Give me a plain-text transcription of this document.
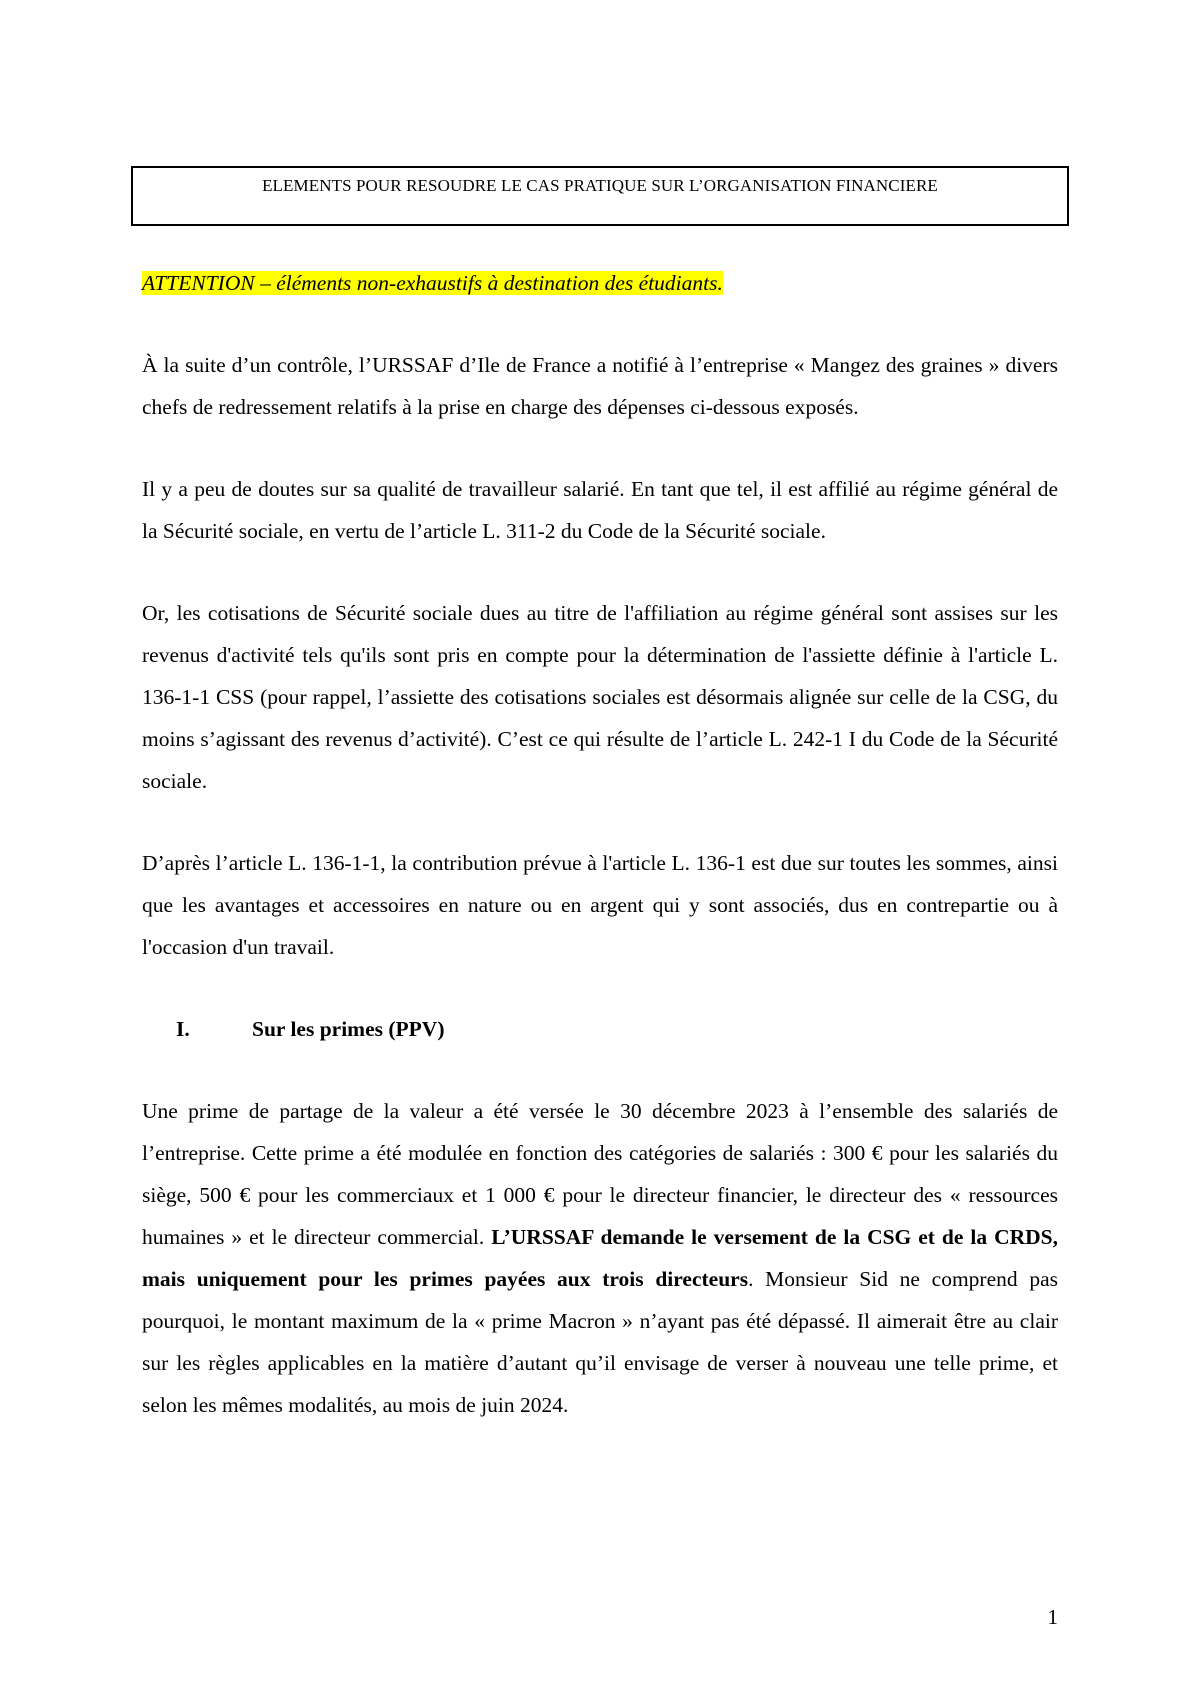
ELEMENTS POUR RESOUDRE LE CAS PRATIQUE SUR L’ORGANISATION FINANCIERE

ATTENTION – éléments non-exhaustifs à destination des étudiants.

À la suite d’un contrôle, l’URSSAF d’Ile de France a notifié à l’entreprise « Mangez des graines » divers chefs de redressement relatifs à la prise en charge des dépenses ci-dessous exposés.

Il y a peu de doutes sur sa qualité de travailleur salarié. En tant que tel, il est affilié au régime général de la Sécurité sociale, en vertu de l’article L. 311-2 du Code de la Sécurité sociale.

Or, les cotisations de Sécurité sociale dues au titre de l'affiliation au régime général sont assises sur les revenus d'activité tels qu'ils sont pris en compte pour la détermination de l'assiette définie à l'article L. 136-1-1 CSS (pour rappel, l’assiette des cotisations sociales est désormais alignée sur celle de la CSG, du moins s’agissant des revenus d’activité). C’est ce qui résulte de l’article L. 242-1 I du Code de la Sécurité sociale.

D’après l’article L. 136-1-1, la contribution prévue à l'article L. 136-1 est due sur toutes les sommes, ainsi que les avantages et accessoires en nature ou en argent qui y sont associés, dus en contrepartie ou à l'occasion d'un travail.

I.	Sur les primes (PPV)

Une prime de partage de la valeur a été versée le 30 décembre 2023 à l’ensemble des salariés de l’entreprise. Cette prime a été modulée en fonction des catégories de salariés : 300 € pour les salariés du siège, 500 € pour les commerciaux et 1 000 € pour le directeur financier, le directeur des « ressources humaines » et le directeur commercial. L’URSSAF demande le versement de la CSG et de la CRDS, mais uniquement pour les primes payées aux trois directeurs. Monsieur Sid ne comprend pas pourquoi, le montant maximum de la « prime Macron » n’ayant pas été dépassé. Il aimerait être au clair sur les règles applicables en la matière d’autant qu’il envisage de verser à nouveau une telle prime, et selon les mêmes modalités, au mois de juin 2024.

1
